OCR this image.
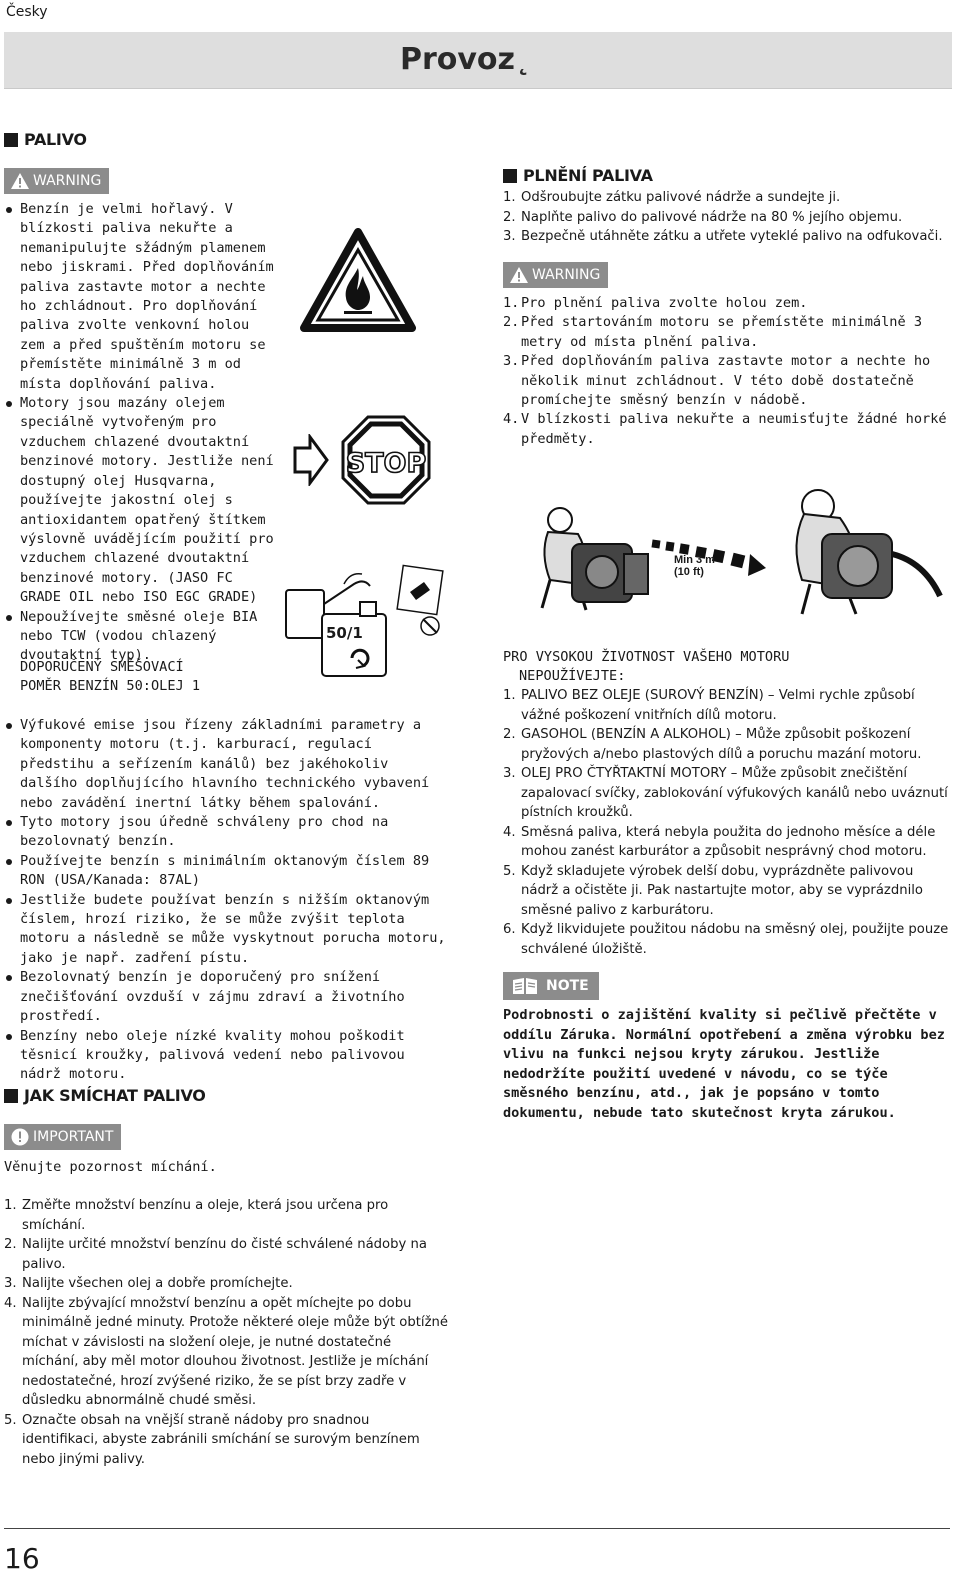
Česky
Provoz˛
PALIVO
WARNING
Benzín je velmi hořlavý. V blízkosti paliva nekuřte a nemanipulujte sžádným plamenem nebo jiskrami. Před doplňováním paliva zastavte motor a nechte ho zchládnout. Pro doplňování paliva zvolte venkovní holou zem a před spuštěním motoru se přemístěte minimálně 3 m od místa doplňování paliva.
Motory jsou mazány olejem speciálně vytvořeným pro vzduchem chlazené dvoutaktní benzinové motory. Jestliže není dostupný olej Husqvarna, používejte jakostní olej s antioxidantem opatřený štítkem výslovně uvádějícím použití pro vzduchem chlazené dvoutaktní benzinové motory. (JASO FC GRADE OIL nebo ISO EGC GRADE)
Nepoužívejte směsné oleje BIA nebo TCW (vodou chlazený dvoutaktní typ).
STOP
50/1
DOPORUČENÝ SMĚŠOVACÍ
POMĚR BENZÍN 50:OLEJ 1
Výfukové emise jsou řízeny základními parametry a komponenty motoru (t.j. karburací, regulací předstihu a seřízením kanálů) bez jakéhokoliv dalšího doplňujícího hlavního technického vybavení nebo zavádění inertní látky během spalování.
Tyto motory jsou úředně schváleny pro chod na bezolovnatý benzín.
Používejte benzín s minimálním oktanovým číslem 89 RON (USA/Kanada: 87AL)
Jestliže budete používat benzín s nižším oktanovým číslem, hrozí riziko, že se může zvýšit teplota motoru a následně se může vyskytnout porucha motoru, jako je např. zadření pístu.
Bezolovnatý benzín je doporučený pro snížení znečišťování ovzduší v zájmu zdraví a životního prostředí.
Benzíny nebo oleje nízké kvality mohou poškodit těsnicí kroužky, palivová vedení nebo palivovou nádrž motoru.
JAK SMÍCHAT PALIVO
IMPORTANT
Věnujte pozornost míchání.
1. Změřte množství benzínu a oleje, která jsou určena pro smíchání.
2. Nalijte určité množství benzínu do čisté schválené nádoby na palivo.
3. Nalijte všechen olej a dobře promíchejte.
4. Nalijte zbývající množství benzínu a opět míchejte po dobu minimálně jedné minuty. Protože některé oleje může být obtížné míchat v závislosti na složení oleje, je nutné dostatečné míchání, aby měl motor dlouhou životnost. Jestliže je míchání nedostatečné, hrozí zvýšené riziko, že se píst brzy zadře v důsledku abnormálně chudé směsi.
5. Označte obsah na vnější straně nádoby pro snadnou identifikaci, abyste zabránili smíchání se surovým benzínem nebo jinými palivy.
PLNĚNÍ PALIVA
1. Odšroubujte zátku palivové nádrže a sundejte ji.
2. Naplňte palivo do palivové nádrže na 80 % jejího objemu.
3. Bezpečně utáhněte zátku a utřete vyteklé palivo na odfukovači.
WARNING
1. Pro plnění paliva zvolte holou zem.
2. Před startováním motoru se přemístěte minimálně 3 metry od místa plnění paliva.
3. Před doplňováním paliva zastavte motor a nechte ho několik minut zchládnout. V této době dostatečně promíchejte směsný benzín v nádobě.
4. V blízkosti paliva nekuřte a neumisťujte žádné horké předměty.
Min 3 m
(10 ft)
PRO VYSOKOU ŽIVOTNOST VAŠEHO MOTORU
NEPOUŽÍVEJTE:
1. PALIVO BEZ OLEJE (SUROVÝ BENZÍN) – Velmi rychle způsobí vážné poškození vnitřních dílů motoru.
2. GASOHOL (BENZÍN A ALKOHOL) – Může způsobit poškození pryžových a/nebo plastových dílů a poruchu mazání motoru.
3. OLEJ PRO ČTYŘTAKTNÍ MOTORY – Může způsobit znečištění zapalovací svíčky, zablokování výfukových kanálů nebo uváznutí pístních kroužků.
4. Směsná paliva, která nebyla použita do jednoho měsíce a déle mohou zanést karburátor a způsobit nesprávný chod motoru.
5. Když skladujete výrobek delší dobu, vyprázdněte palivovou nádrž a očistěte ji. Pak nastartujte motor, aby se vyprázdnilo směsné palivo z karburátoru.
6. Když likvidujete použitou nádobu na směsný olej, použijte pouze schválené úložiště.
NOTE
Podrobnosti o zajištění kvality si pečlivě přečtěte v oddílu Záruka. Normální opotřebení a změna výrobku bez vlivu na funkci nejsou kryty zárukou. Jestliže nedodržíte použití uvedené v návodu, co se týče směsného benzínu, atd., jak je popsáno v tomto dokumentu, nebude tato skutečnost kryta zárukou.
16
